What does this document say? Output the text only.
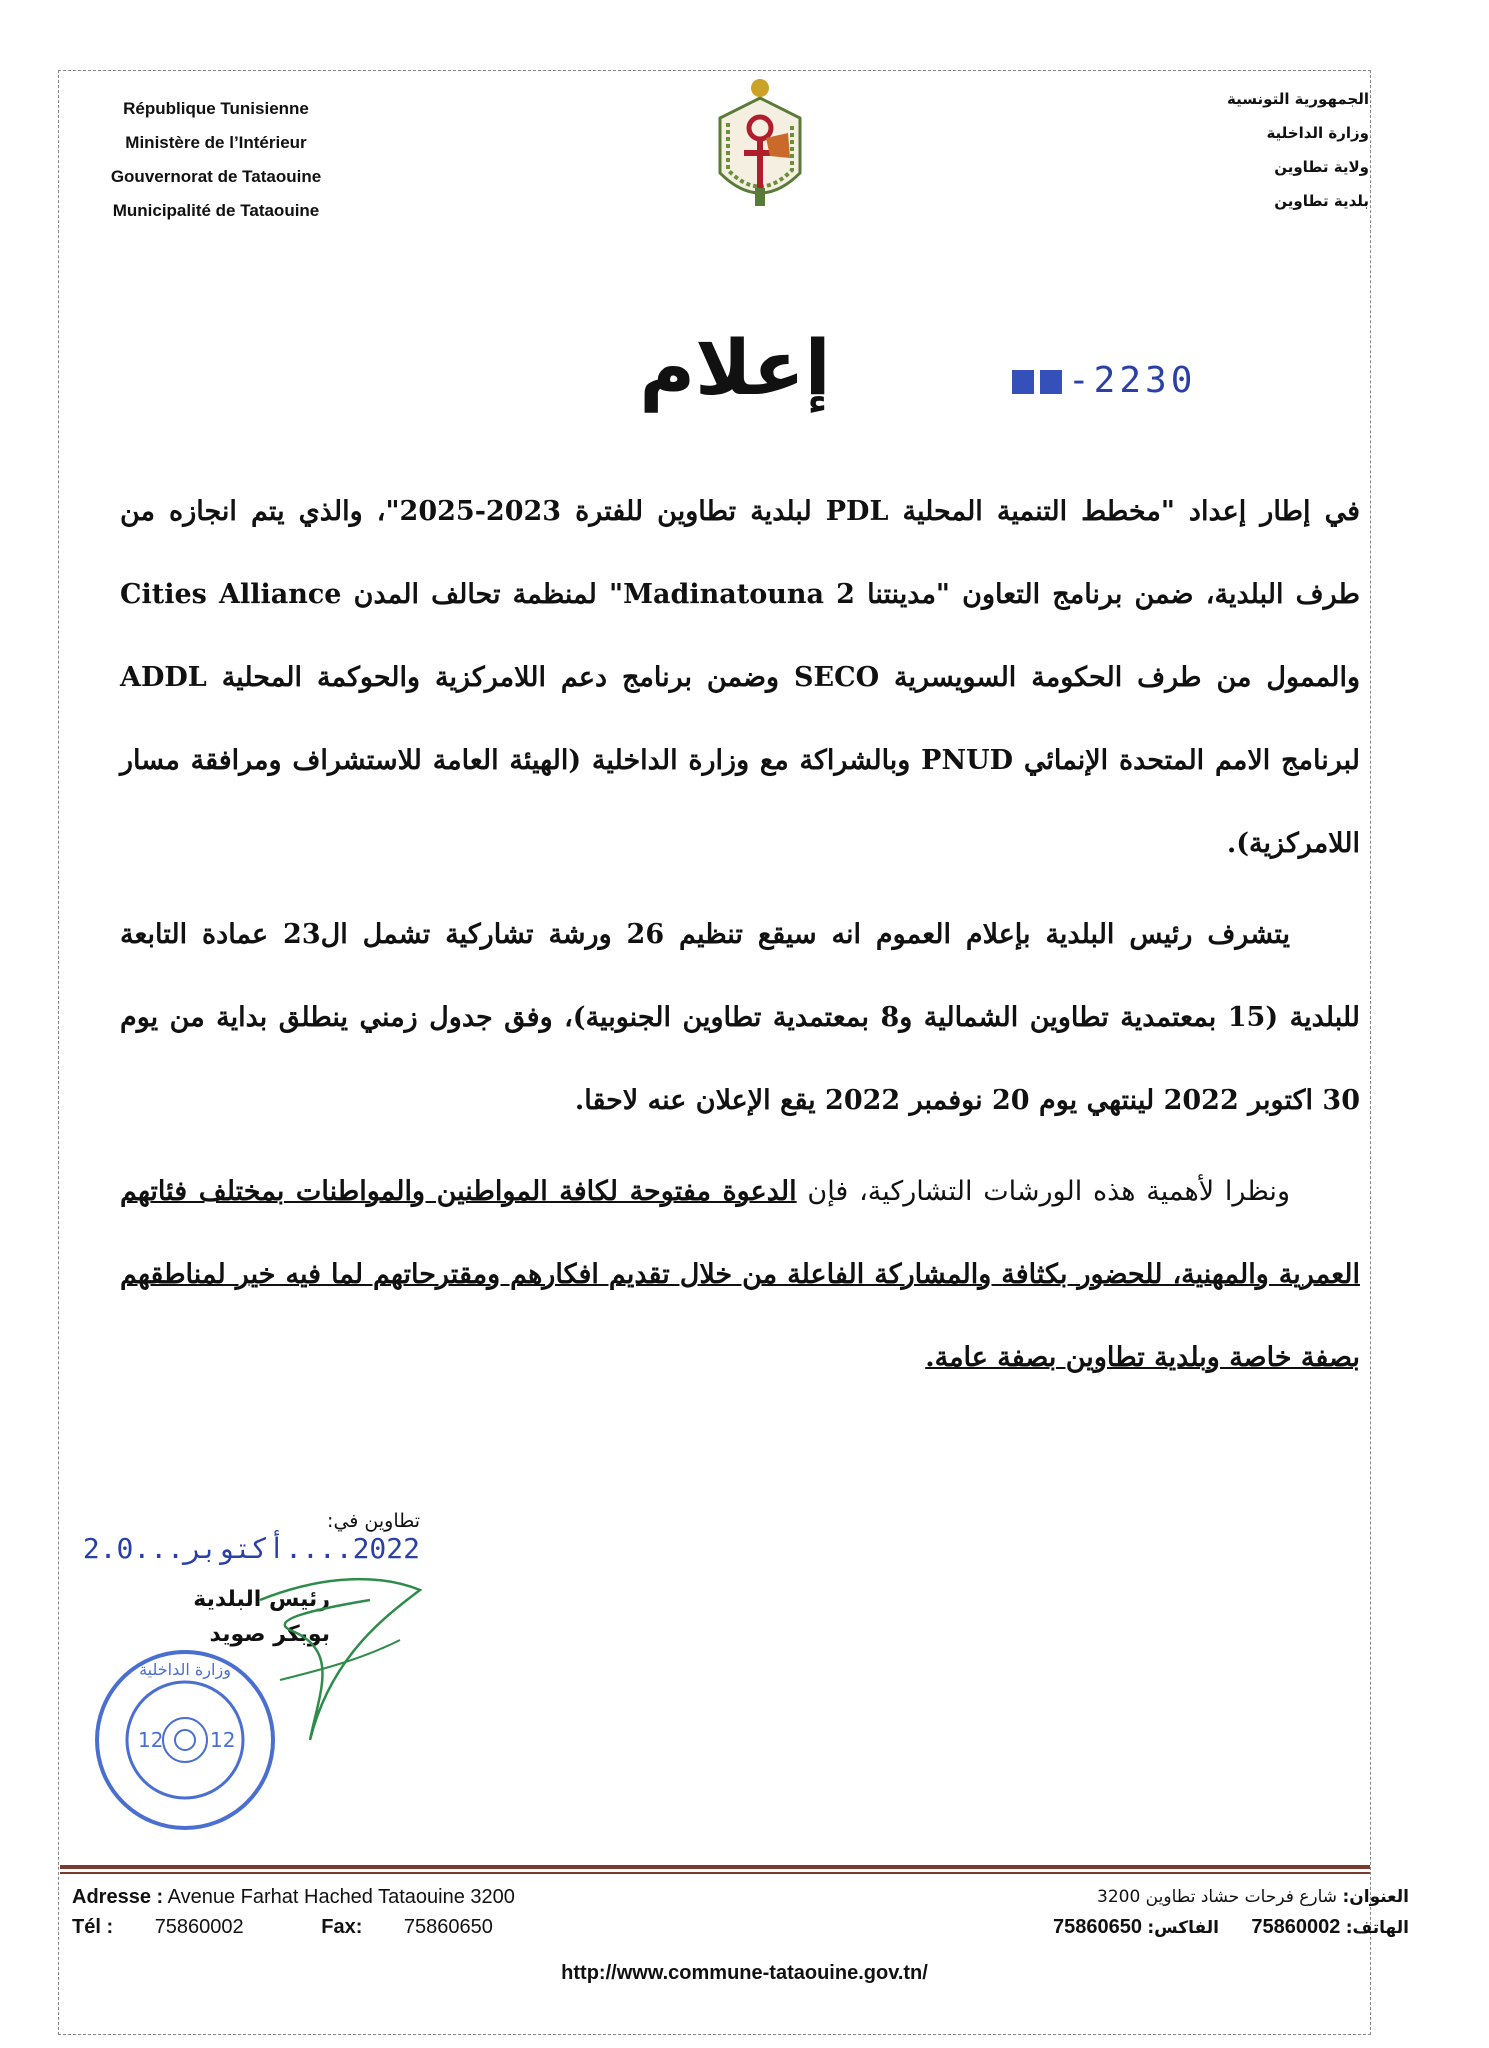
République Tunisienne
Ministère de l’Intérieur
Gouvernorat de Tataouine
Municipalité de Tataouine
الجمهورية التونسية
وزارة الداخلية
ولاية تطاوين
بلدية تطاوين
إعلام	-2230

في إطار إعداد "مخطط التنمية المحلية PDL لبلدية تطاوين للفترة 2023-2025"، والذي يتم انجازه من طرف البلدية، ضمن برنامج التعاون "مدينتنا Madinatouna 2" لمنظمة تحالف المدن Cities Alliance والممول من طرف الحكومة السويسرية SECO وضمن برنامج دعم اللامركزية والحوكمة المحلية ADDL لبرنامج الامم المتحدة الإنمائي PNUD وبالشراكة مع وزارة الداخلية (الهيئة العامة للاستشراف ومرافقة مسار اللامركزية).

يتشرف رئيس البلدية بإعلام العموم انه سيقع تنظيم 26 ورشة تشاركية تشمل ال23 عمادة التابعة للبلدية (15 بمعتمدية تطاوين الشمالية و8 بمعتمدية تطاوين الجنوبية)، وفق جدول زمني ينطلق بداية من يوم 30 اكتوبر 2022 لينتهي يوم 20 نوفمبر 2022 يقع الإعلان عنه لاحقا.

ونظرا لأهمية هذه الورشات التشاركية، فإن الدعوة مفتوحة لكافة المواطنين والمواطنات بمختلف فئاتهم العمرية والمهنية، للحضور بكثافة والمشاركة الفاعلة من خلال تقديم افكارهم ومقترحاتهم لما فيه خير لمناطقهم بصفة خاصة وبلدية تطاوين بصفة عامة.

تطاوين في: 2022....أكتوبر...2.0
رئيس البلدية
بوبكر صويد
12 12
وزارة الداخلية
Adresse : Avenue Farhat Hached Tataouine 3200
Tél : 75860002	Fax: 75860650
العنوان: شارع فرحات حشاد تطاوين 3200
الهاتف: 75860002      الفاكس: 75860650
http://www.commune-tataouine.gov.tn/
